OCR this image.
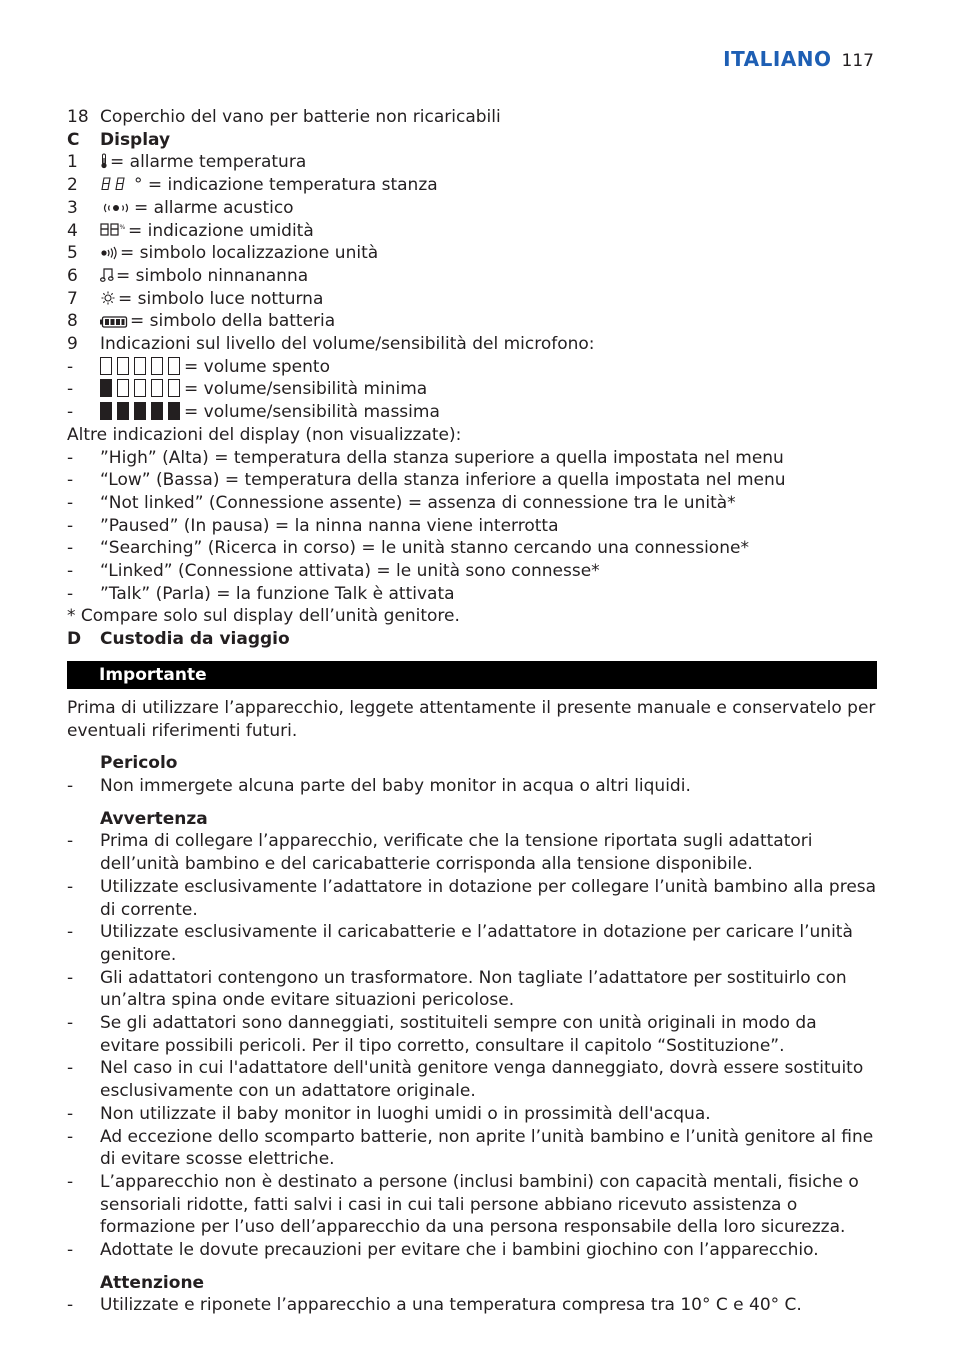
ITALIANO 117
18 Coperchio del vano per batterie non ricaricabili
C	Display
1	= allarme temperatura
2	° = indicazione temperatura stanza
3	= allarme acustico
4	% = indicazione umidità
5	= simbolo localizzazione unità
6	= simbolo ninnananna
7	= simbolo luce notturna
8	= simbolo della batteria
9	Indicazioni sul livello del volume/sensibilità del microfono:
-	= volume spento
-	= volume/sensibilità minima
-	= volume/sensibilità massima
Altre indicazioni del display (non visualizzate):
-	”High” (Alta) = temperatura della stanza superiore a quella impostata nel menu
-	“Low” (Bassa) = temperatura della stanza inferiore a quella impostata nel menu
-	“Not linked” (Connessione assente) = assenza di connessione tra le unità*
-	”Paused” (In pausa) = la ninna nanna viene interrotta
-	“Searching” (Ricerca in corso) = le unità stanno cercando una connessione*
-	“Linked” (Connessione attivata) = le unità sono connesse*
-	”Talk” (Parla) = la funzione Talk è attivata
* Compare solo sul display dell’unità genitore.
D	Custodia da viaggio
Importante
Prima di utilizzare l’apparecchio, leggete attentamente il presente manuale e conservatelo per eventuali riferimenti futuri.
Pericolo
-	Non immergete alcuna parte del baby monitor in acqua o altri liquidi.
Avvertenza
-	Prima di collegare l’apparecchio, verificate che la tensione riportata sugli adattatori dell’unità bambino e del caricabatterie corrisponda alla tensione disponibile.
-	Utilizzate esclusivamente l’adattatore in dotazione per collegare l’unità bambino alla presa di corrente.
-	Utilizzate esclusivamente il caricabatterie e l’adattatore in dotazione per caricare l’unità genitore.
-	Gli adattatori contengono un trasformatore. Non tagliate l’adattatore per sostituirlo con un’altra spina onde evitare situazioni pericolose.
-	Se gli adattatori sono danneggiati, sostituiteli sempre con unità originali in modo da evitare possibili pericoli. Per il tipo corretto, consultare il capitolo “Sostituzione”.
-	Nel caso in cui l'adattatore dell'unità genitore venga danneggiato, dovrà essere sostituito esclusivamente con un adattatore originale.
-	Non utilizzate il baby monitor in luoghi umidi o in prossimità dell'acqua.
-	Ad eccezione dello scomparto batterie, non aprite l’unità bambino e l’unità genitore al fine di evitare scosse elettriche.
-	L’apparecchio non è destinato a persone (inclusi bambini) con capacità mentali, fisiche o sensoriali ridotte, fatti salvi i casi in cui tali persone abbiano ricevuto assistenza o formazione per l’uso dell’apparecchio da una persona responsabile della loro sicurezza.
-	Adottate le dovute precauzioni per evitare che i bambini giochino con l’apparecchio.
Attenzione
-	Utilizzate e riponete l’apparecchio a una temperatura compresa tra 10° C e 40° C.
